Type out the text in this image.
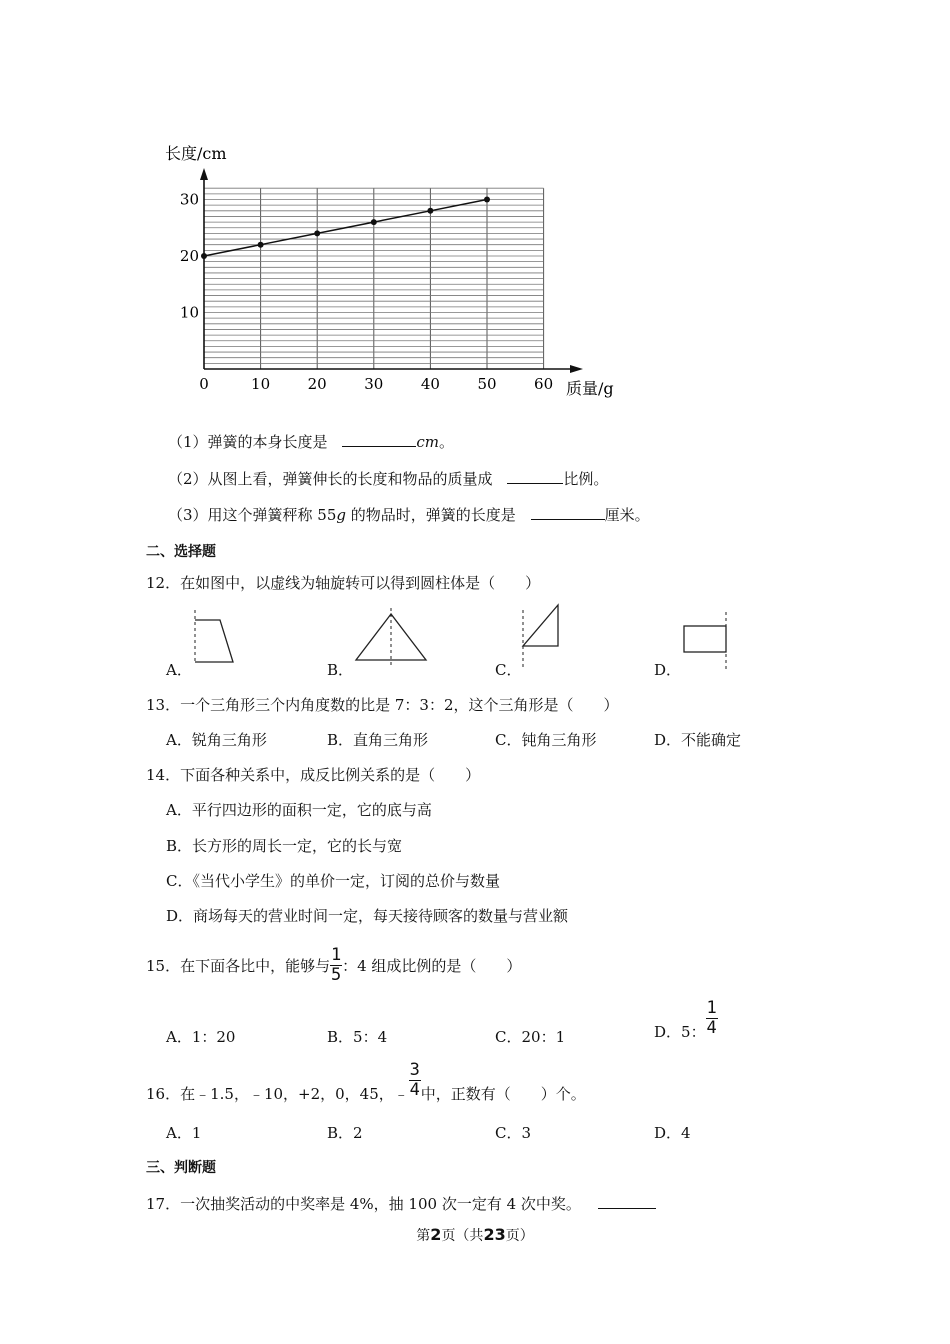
0	10	20	30	40	50	60
10
20
30
长度/cm
质量/g
（1）弹簧的本身长度是	cm。
（2）从图上看，弹簧伸长的长度和物品的质量成	比例。
（3）用这个弹簧秤称 55g 的物品时，弹簧的长度是	厘米。
二、选择题
12．在如图中，以虚线为轴旋转可以得到圆柱体是（　　）
A．	B．	C．	D．
13．一个三角形三个内角度数的比是 7：3：2，这个三角形是（　　）
A．锐角三角形	B．直角三角形	C．钝角三角形	D．不能确定
14．下面各种关系中，成反比例关系的是（　　）
A．平行四边形的面积一定，它的底与高
B．长方形的周长一定，它的长与宽
C．《当代小学生》的单价一定，订阅的总价与数量
D．商场每天的营业时间一定，每天接待顾客的数量与营业额
15．在下面各比中，能够与 $\frac{1}{5}$ ：4 组成比例的是（　　）
A．1：20	B．5：4	C．20：1	D．5： $\frac{1}{4}$
16．在﹣1.5，﹣10，+2，0，45，﹣ $\frac{3}{4}$ 中，正数有（　　）个。
A．1	B．2	C．3	D．4
三、判断题
17．一次抽奖活动的中奖率是 4%，抽 100 次一定有 4 次中奖。
第2页（共23页）
